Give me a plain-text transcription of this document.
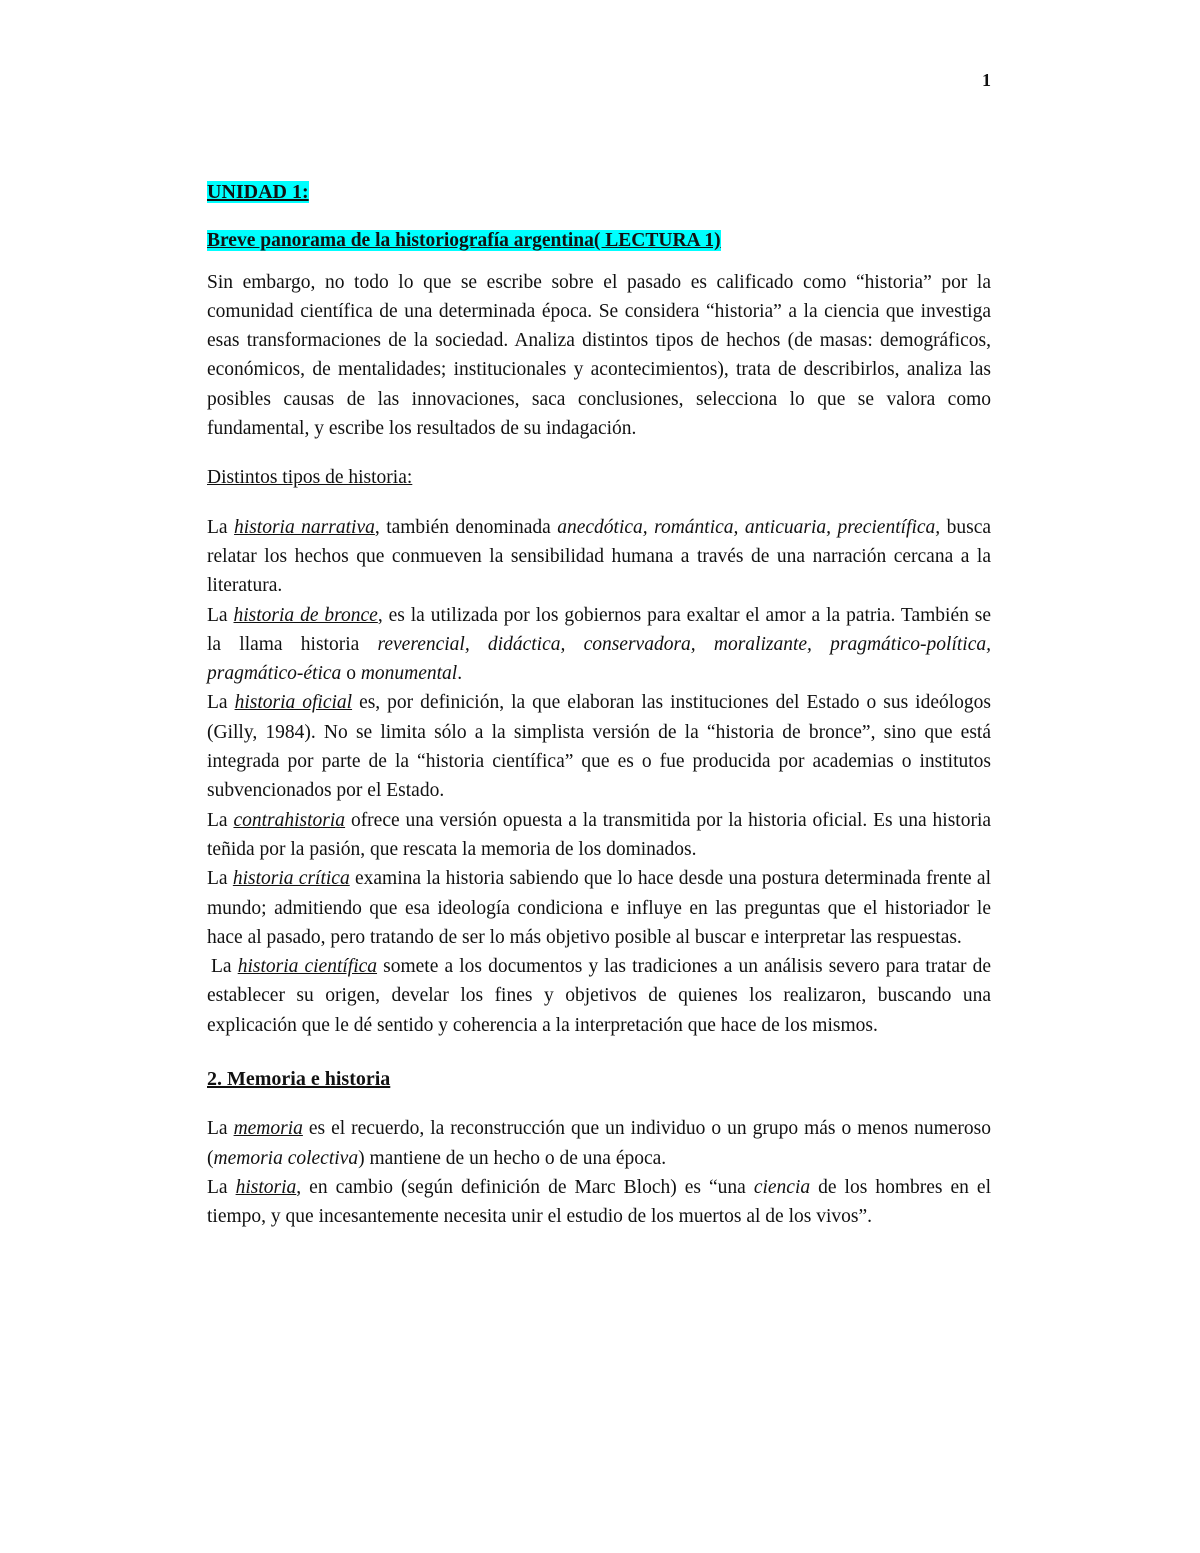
1
UNIDAD 1:
Breve panorama de la historiografía argentina( LECTURA 1)

Sin embargo, no todo lo que se escribe sobre el pasado es calificado como “historia” por la comunidad científica de una determinada época. Se considera “historia” a la ciencia que investiga esas transformaciones de la sociedad. Analiza distintos tipos de hechos (de masas: demográficos, económicos, de mentalidades; institucionales y acontecimientos), trata de describirlos, analiza las posibles causas de las innovaciones, saca conclusiones, selecciona lo que se valora como fundamental, y escribe los resultados de su indagación.

Distintos tipos de historia:

La historia narrativa, también denominada anecdótica, romántica, anticuaria, precientífica, busca relatar los hechos que conmueven la sensibilidad humana a través de una narración cercana a la literatura.

La historia de bronce, es la utilizada por los gobiernos para exaltar el amor a la patria. También se la llama historia reverencial, didáctica, conservadora, moralizante, pragmático-política, pragmático-ética o monumental.

La historia oficial es, por definición, la que elaboran las instituciones del Estado o sus ideólogos (Gilly, 1984). No se limita sólo a la simplista versión de la “historia de bronce”, sino que está integrada por parte de la “historia científica” que es o fue producida por academias o institutos subvencionados por el Estado.

La contrahistoria ofrece una versión opuesta a la transmitida por la historia oficial. Es una historia teñida por la pasión, que rescata la memoria de los dominados.

La historia crítica examina la historia sabiendo que lo hace desde una postura determinada frente al mundo; admitiendo que esa ideología condiciona e influye en las preguntas que el historiador le hace al pasado, pero tratando de ser lo más objetivo posible al buscar e interpretar las respuestas.

La historia científica somete a los documentos y las tradiciones a un análisis severo para tratar de establecer su origen, develar los fines y objetivos de quienes los realizaron, buscando una explicación que le dé sentido y coherencia a la interpretación que hace de los mismos.

2. Memoria e historia

La memoria es el recuerdo, la reconstrucción que un individuo o un grupo más o menos numeroso (memoria colectiva) mantiene de un hecho o de una época.

La historia, en cambio (según definición de Marc Bloch) es “una ciencia de los hombres en el tiempo, y que incesantemente necesita unir el estudio de los muertos al de los vivos”.
